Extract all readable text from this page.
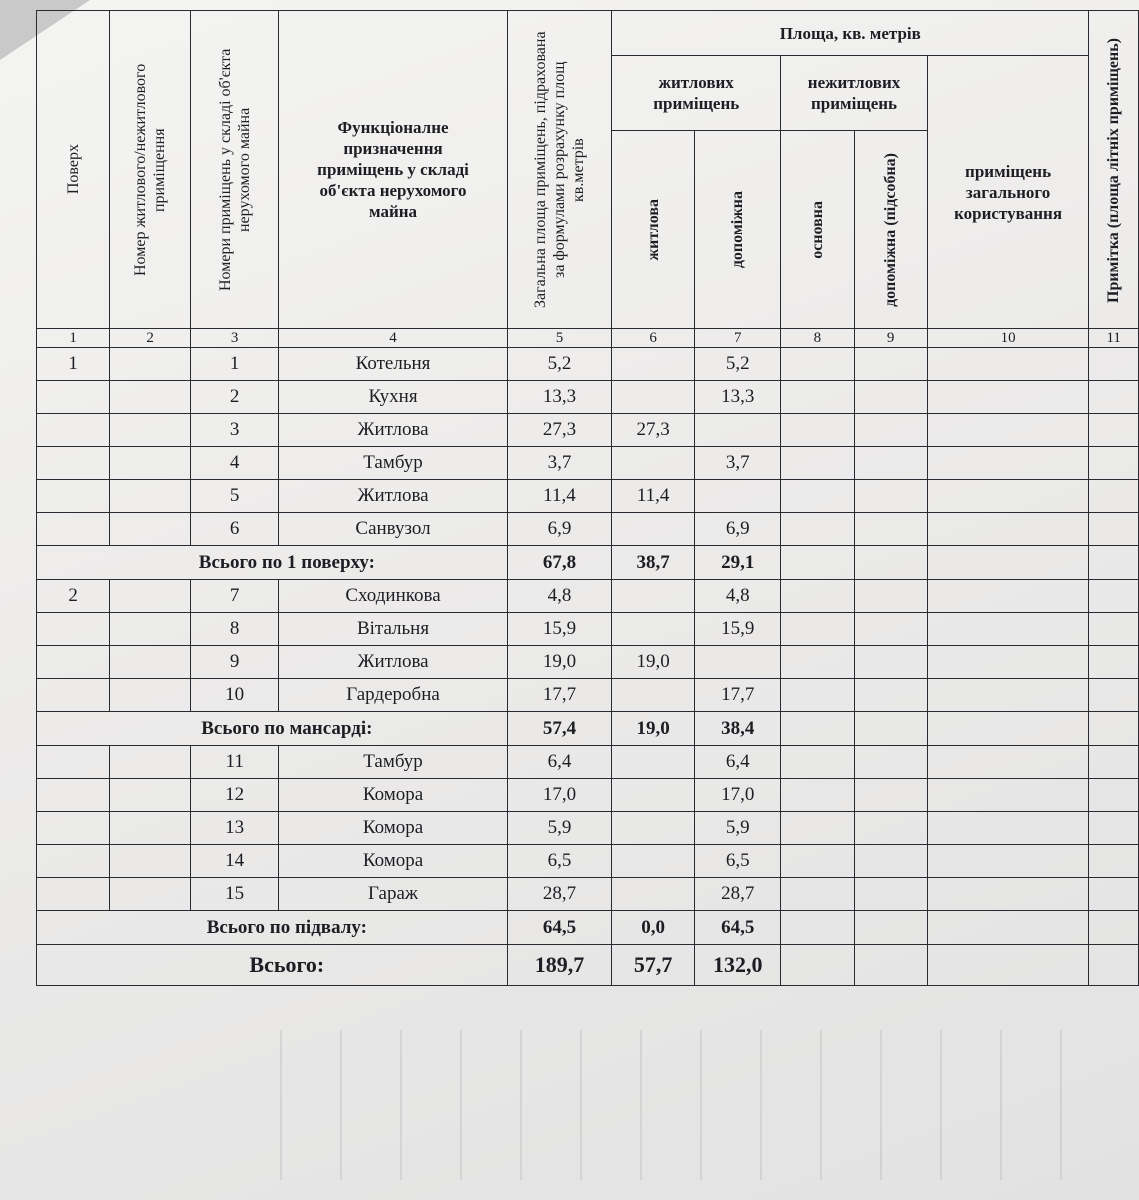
Поверх	Номер житлового/нежитлового приміщення	Номери приміщень у складі об'єкта нерухомого майна	Функціоналне призначення приміщень у складі об'єкта нерухомого майна	Загальна площа приміщень, підрахована за формулами розрахунку площ кв.метрів	Площа, кв. метрів					Примітка (площа літніх приміщень)

					житлових приміщень		нежитлових приміщень		приміщень загального користування	

					житлова	допоміжна	основна	допоміжна (підсобна)		

1	2	3	4	5	6	7	8	9	10	11
1		1	Котельня	5,2		5,2				
		2	Кухня	13,3		13,3				
		3	Житлова	27,3	27,3					
		4	Тамбур	3,7		3,7				
		5	Житлова	11,4	11,4					
		6	Санвузол	6,9		6,9				
Всього по 1 поверху:				67,8	38,7	29,1				
2		7	Сходинкова	4,8		4,8				
		8	Вітальня	15,9		15,9				
		9	Житлова	19,0	19,0					
		10	Гардеробна	17,7		17,7				
Всього по мансарді:				57,4	19,0	38,4				
		11	Тамбур	6,4		6,4				
		12	Комора	17,0		17,0				
		13	Комора	5,9		5,9				
		14	Комора	6,5		6,5				
		15	Гараж	28,7		28,7				
Всього по підвалу:				64,5	0,0	64,5				
Всього:				189,7	57,7	132,0				
